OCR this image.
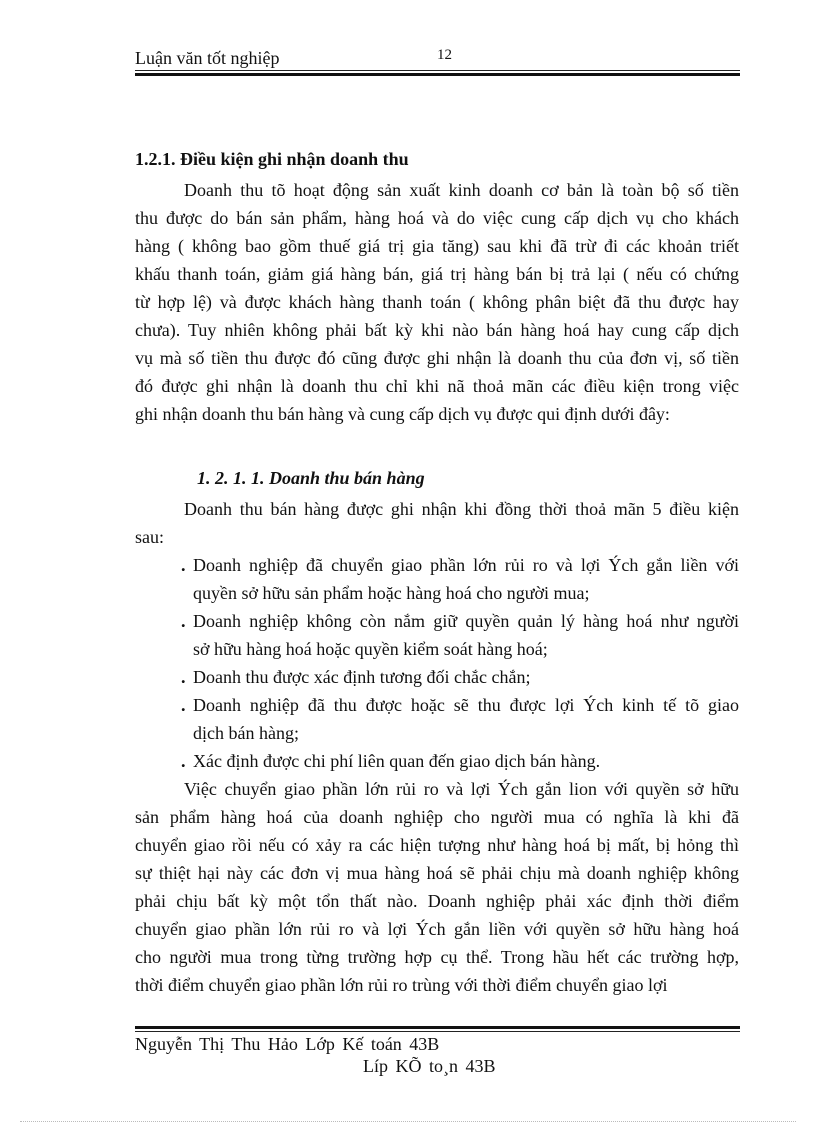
Luận văn tốt nghiệp	12
1.2.1. Điều kiện ghi nhận doanh thu
Doanh thu tõ hoạt động sản xuất kinh doanh cơ bản là toàn bộ số tiền
thu được do bán sản phẩm, hàng hoá và do việc cung cấp dịch vụ cho khách
hàng ( không bao gồm thuế giá trị gia tăng) sau khi đã trừ đi các khoản triết
khấu thanh toán, giảm giá hàng bán, giá trị hàng bán bị trả lại ( nếu có chứng
từ hợp lệ) và được khách hàng thanh toán ( không phân biệt đã thu được hay
chưa). Tuy nhiên không phải bất kỳ khi nào bán hàng hoá hay cung cấp dịch
vụ mà số tiền thu được đó cũng được ghi nhận là doanh thu của đơn vị, số tiền
đó được ghi nhận là doanh thu chỉ khi nã thoả mãn các điều kiện trong việc
ghi nhận doanh thu bán hàng và cung cấp dịch vụ được qui định dưới đây:
1. 2. 1. 1. Doanh thu bán hàng
Doanh thu bán hàng được ghi nhận khi đồng thời thoả mãn 5 điều kiện
sau:
. Doanh nghiệp đã chuyển giao phần lớn rủi ro và lợi Ých gắn liền với
quyền sở hữu sản phẩm hoặc hàng hoá cho người mua;
. Doanh nghiệp không còn nắm giữ quyền quản lý hàng hoá như người
sở hữu hàng hoá hoặc quyền kiểm soát hàng hoá;
. Doanh thu được xác định tương đối chắc chắn;
. Doanh nghiệp đã thu được hoặc sẽ thu được lợi Ých kinh tế tõ giao
dịch bán hàng;
. Xác định được chi phí liên quan đến giao dịch bán hàng.
Việc chuyển giao phần lớn rủi ro và lợi Ých gắn lion với quyền sở hữu
sản phẩm hàng hoá của doanh nghiệp cho người mua có nghĩa là khi đã
chuyển giao rồi nếu có xảy ra các hiện tượng như hàng hoá bị mất, bị hỏng thì
sự thiệt hại này các đơn vị mua hàng hoá sẽ phải chịu mà doanh nghiệp không
phải chịu bất kỳ một tổn thất nào. Doanh nghiệp phải xác định thời điểm
chuyển giao phần lớn rủi ro và lợi Ých gắn liền với quyền sở hữu hàng hoá
cho người mua trong từng trường hợp cụ thể. Trong hầu hết các trường hợp,
thời điểm chuyển giao phần lớn rủi ro trùng với thời điểm chuyển giao lợi
Nguyễn Thị Thu Hảo Lớp Kế toán 43B
Líp KÕ to¸n 43B
